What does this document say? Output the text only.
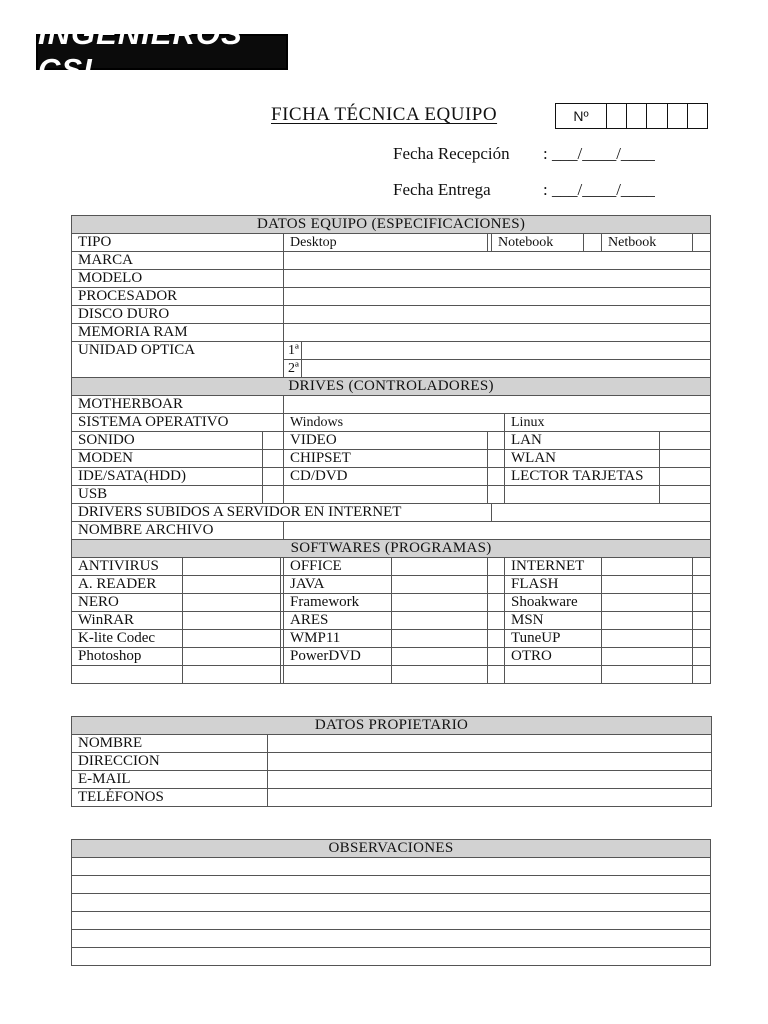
INGENIEROS CSI
FICHA TÉCNICA EQUIPO	Nº
Fecha Recepción : ___/____/____
Fecha Entrega	: ___/____/____
DATOS EQUIPO (ESPECIFICACIONES)													
TIPO				Desktop				Notebook			Netbook		
MARCA													
MODELO													
PROCESADOR													
DISCO DURO													
MEMORIA RAM													
UNIDAD OPTICA				1ª									
				2ª									
DRIVES (CONTROLADORES)													
MOTHERBOAR													
SISTEMA OPERATIVO				Windows					Linux				
SONIDO				VIDEO					LAN				
MODEN				CHIPSET					WLAN				
IDE/SATA(HDD)				CD/DVD					LECTOR TARJETAS				
USB													
DRIVERS SUBIDOS A SERVIDOR EN INTERNET													
NOMBRE ARCHIVO													
SOFTWARES (PROGRAMAS)													
ANTIVIRUS				OFFICE					INTERNET				
A. READER				JAVA					FLASH				
NERO				Framework					Shoakware				
WinRAR				ARES					MSN				
K-lite Codec				WMP11					TuneUP				
Photoshop				PowerDVD					OTRO				

DATOS PROPIETARIO	
NOMBRE	
DIRECCION	
E-MAIL	
TELÉFONOS	
OBSERVACIONES
